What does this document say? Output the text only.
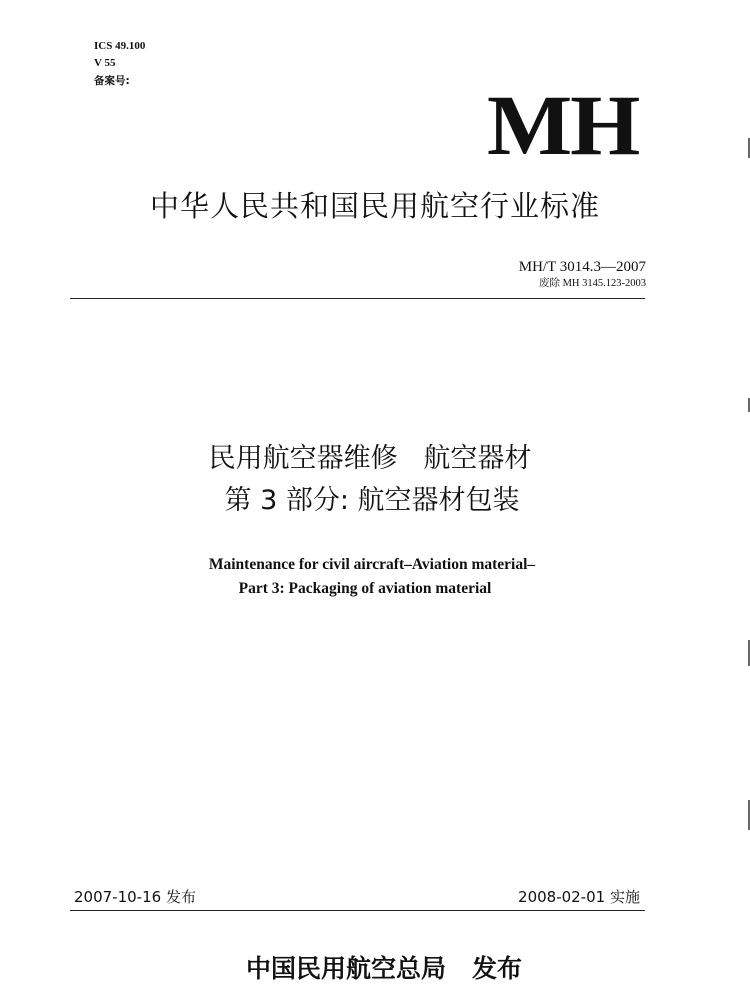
ICS 49.100
V 55
备案号:	MH
中华人民共和国民用航空行业标准
MH/T 3014.3—2007
废除 MH 3145.123-2003
民用航空器维修   航空器材
第 3 部分: 航空器材包装
Maintenance for civil aircraft–Aviation material–
Part 3: Packaging of aviation material
2007-10-16 发布	2008-02-01 实施
中国民用航空总局   发布
